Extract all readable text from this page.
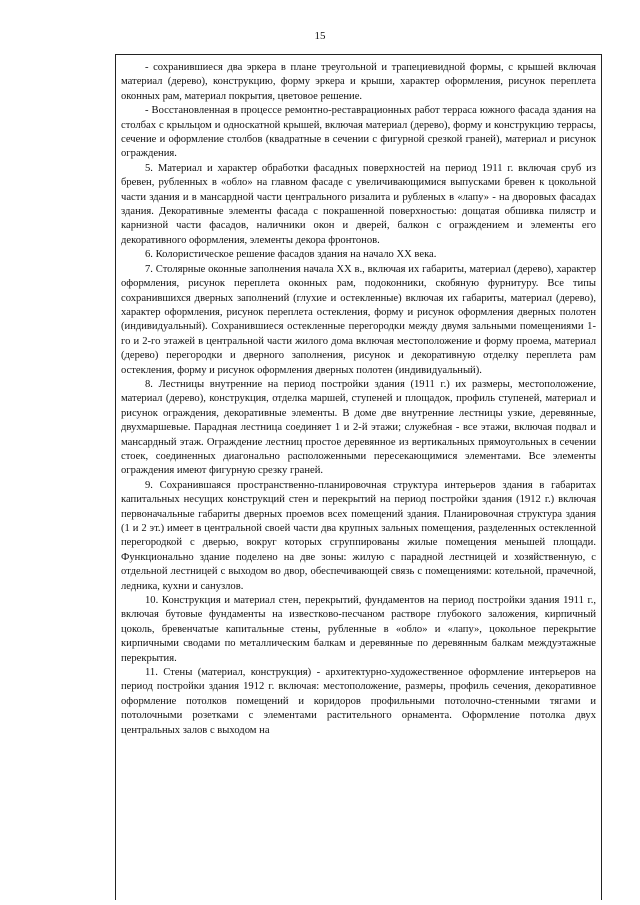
15

- сохранившиеся два эркера в плане треугольной и трапециевидной формы, с крышей включая материал (дерево), конструкцию, форму эркера и крыши, характер оформления, рисунок переплета оконных рам, материал покрытия, цветовое решение.

- Восстановленная в процессе ремонтно-реставрационных работ терраса южного фасада здания на столбах с крыльцом и односкатной крышей, включая материал (дерево), форму и конструкцию террасы, сечение и оформление столбов (квадратные в сечении с фигурной срезкой граней), материал и рисунок ограждения.

5. Материал и характер обработки фасадных поверхностей на период 1911 г. включая сруб из бревен, рубленных в «обло» на главном фасаде с увеличивающимися выпусками бревен к цокольной части здания и в мансардной части центрального ризалита и рубленых в «лапу» - на дворовых фасадах здания. Декоративные элементы фасада с покрашенной поверхностью: дощатая обшивка пилястр и карнизной части фасадов, наличники окон и дверей, балкон с ограждением и элементы его декоративного оформления, элементы декора фронтонов.

6. Колористическое решение фасадов здания на начало XX века.

7. Столярные оконные заполнения начала XX в., включая их габариты, материал (дерево), характер оформления, рисунок переплета оконных рам, подоконники, скобяную фурнитуру. Все типы сохранившихся дверных заполнений (глухие и остекленные) включая их габариты, материал (дерево), характер оформления, рисунок переплета остекления, форму и рисунок оформления дверных полотен (индивидуальный). Сохранившиеся остекленные перегородки между двумя зальными помещениями 1-го и 2-го этажей в центральной части жилого дома включая местоположение и форму проема, материал (дерево) перегородки и дверного заполнения, рисунок и декоративную отделку переплета рам остекления, форму и рисунок оформления дверных полотен (индивидуальный).

8. Лестницы внутренние на период постройки здания (1911 г.) их размеры, местоположение, материал (дерево), конструкция, отделка маршей, ступеней и площадок, профиль ступеней, материал и рисунок ограждения, декоративные элементы. В доме две внутренние лестницы узкие, деревянные, двухмаршевые. Парадная лестница соединяет 1 и 2-й этажи; служебная - все этажи, включая подвал и мансардный этаж. Ограждение лестниц простое деревянное из вертикальных прямоугольных в сечении стоек, соединенных диагонально расположенными пересекающимися элементами. Все элементы ограждения имеют фигурную срезку граней.

9. Сохранившаяся пространственно-планировочная структура интерьеров здания в габаритах капитальных несущих конструкций стен и перекрытий на период постройки здания (1912 г.) включая первоначальные габариты дверных проемов всех помещений здания. Планировочная структура здания (1 и 2 эт.) имеет в центральной своей части два крупных зальных помещения, разделенных остекленной перегородкой с дверью, вокруг которых сгруппированы жилые помещения меньшей площади. Функционально здание поделено на две зоны: жилую с парадной лестницей и хозяйственную, с отдельной лестницей с выходом во двор, обеспечивающей связь с помещениями: котельной, прачечной, ледника, кухни и санузлов.

10. Конструкция и материал стен, перекрытий, фундаментов на период постройки здания 1911 г., включая бутовые фундаменты на известково-песчаном растворе глубокого заложения, кирпичный цоколь, бревенчатые капитальные стены, рубленные в «обло» и «лапу», цокольное перекрытие кирпичными сводами по металлическим балкам и деревянные по деревянным балкам междуэтажные перекрытия.

11. Стены (материал, конструкция) - архитектурно-художественное оформление интерьеров на период постройки здания 1912 г. включая: местоположение, размеры, профиль сечения, декоративное оформление потолков помещений и коридоров профильными потолочно-стенными тягами и потолочными розетками с элементами растительного орнамента. Оформление потолка двух центральных залов с выходом на
